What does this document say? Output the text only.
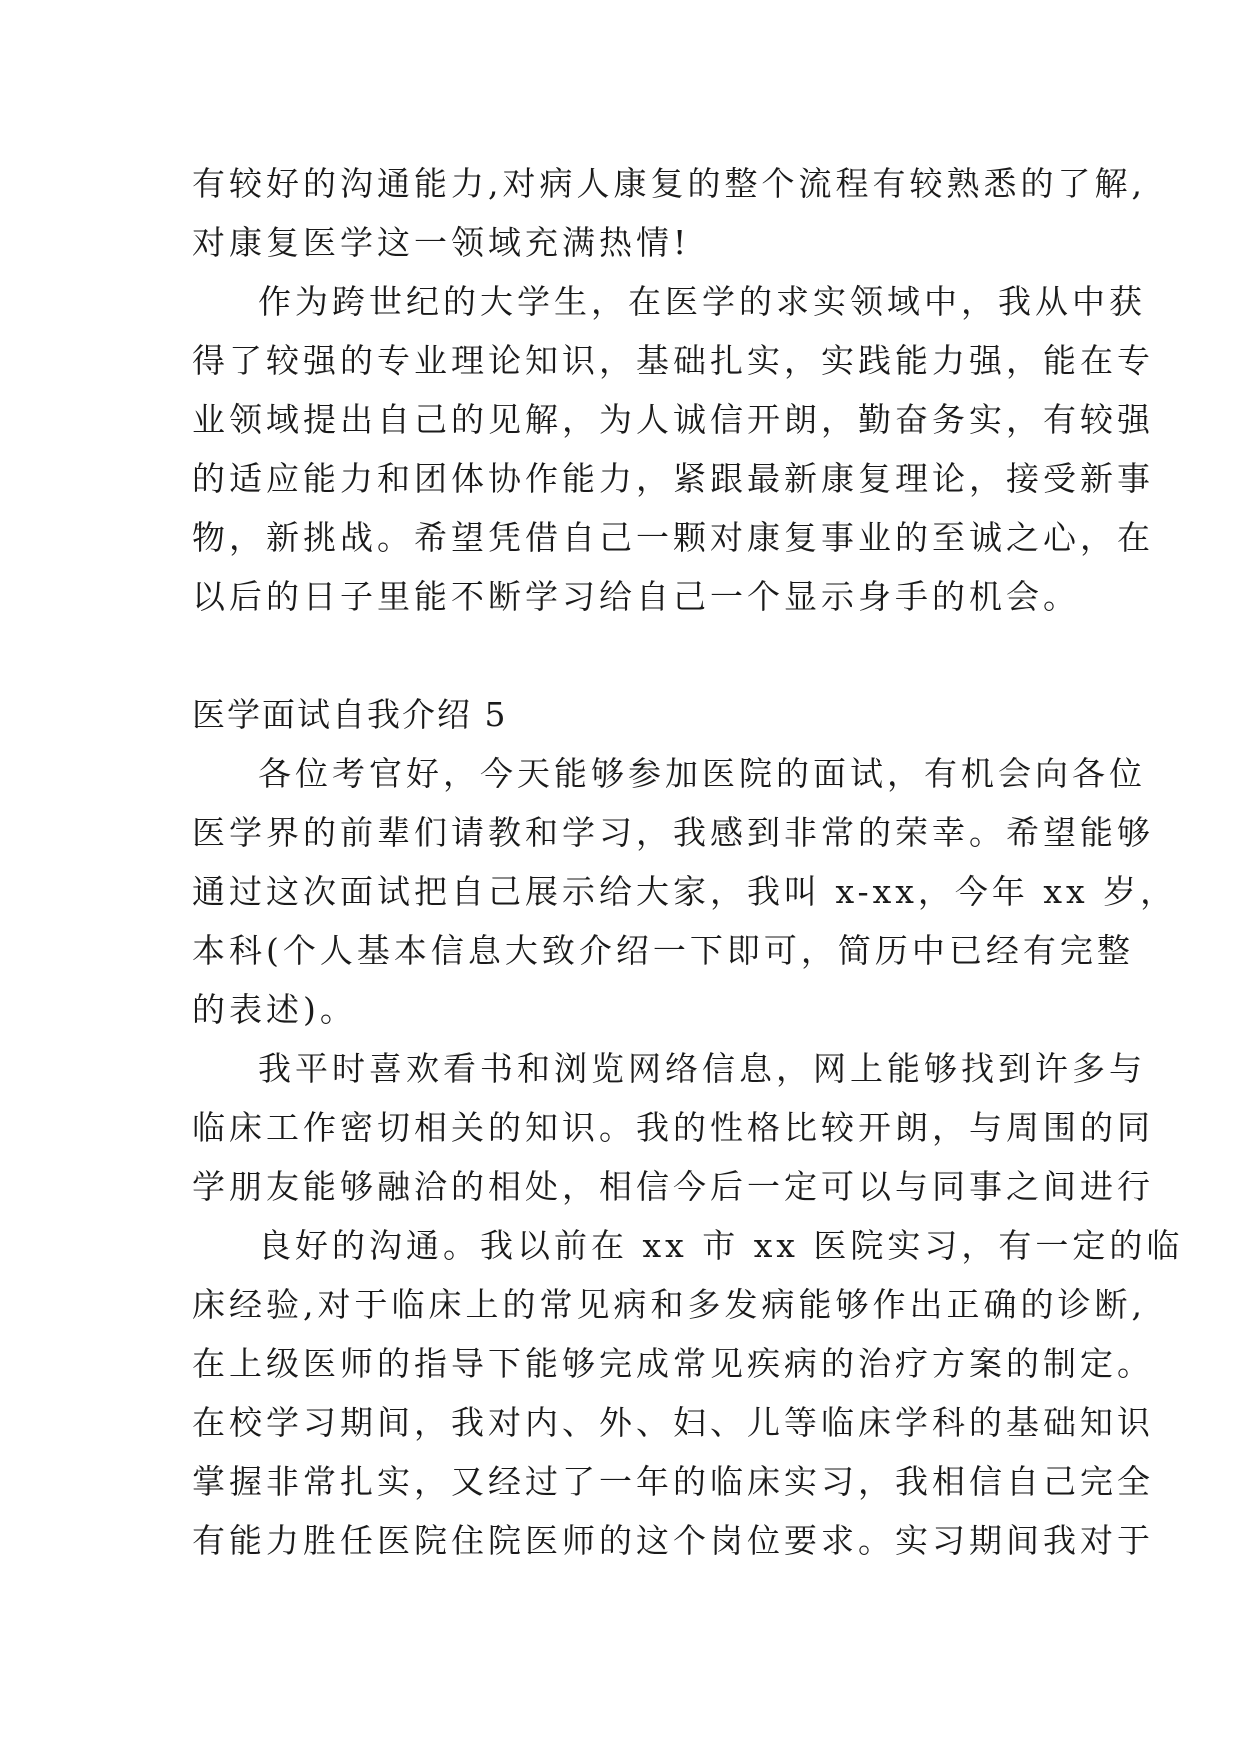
有较好的沟通能力,对病人康复的整个流程有较熟悉的了解,
对康复医学这一领域充满热情!
作为跨世纪的大学生，在医学的求实领域中，我从中获
得了较强的专业理论知识，基础扎实，实践能力强，能在专
业领域提出自己的见解，为人诚信开朗，勤奋务实，有较强
的适应能力和团体协作能力，紧跟最新康复理论，接受新事
物，新挑战。希望凭借自己一颗对康复事业的至诚之心，在
以后的日子里能不断学习给自己一个显示身手的机会。
医学面试自我介绍 5
各位考官好，今天能够参加医院的面试，有机会向各位
医学界的前辈们请教和学习，我感到非常的荣幸。希望能够
通过这次面试把自己展示给大家，我叫 x-xx，今年 xx 岁，
本科(个人基本信息大致介绍一下即可，简历中已经有完整
的表述)。
我平时喜欢看书和浏览网络信息，网上能够找到许多与
临床工作密切相关的知识。我的性格比较开朗，与周围的同
学朋友能够融洽的相处，相信今后一定可以与同事之间进行
良好的沟通。我以前在 xx 市 xx 医院实习，有一定的临
床经验,对于临床上的常见病和多发病能够作出正确的诊断,
在上级医师的指导下能够完成常见疾病的治疗方案的制定。
在校学习期间，我对内、外、妇、儿等临床学科的基础知识
掌握非常扎实，又经过了一年的临床实习，我相信自己完全
有能力胜任医院住院医师的这个岗位要求。实习期间我对于
